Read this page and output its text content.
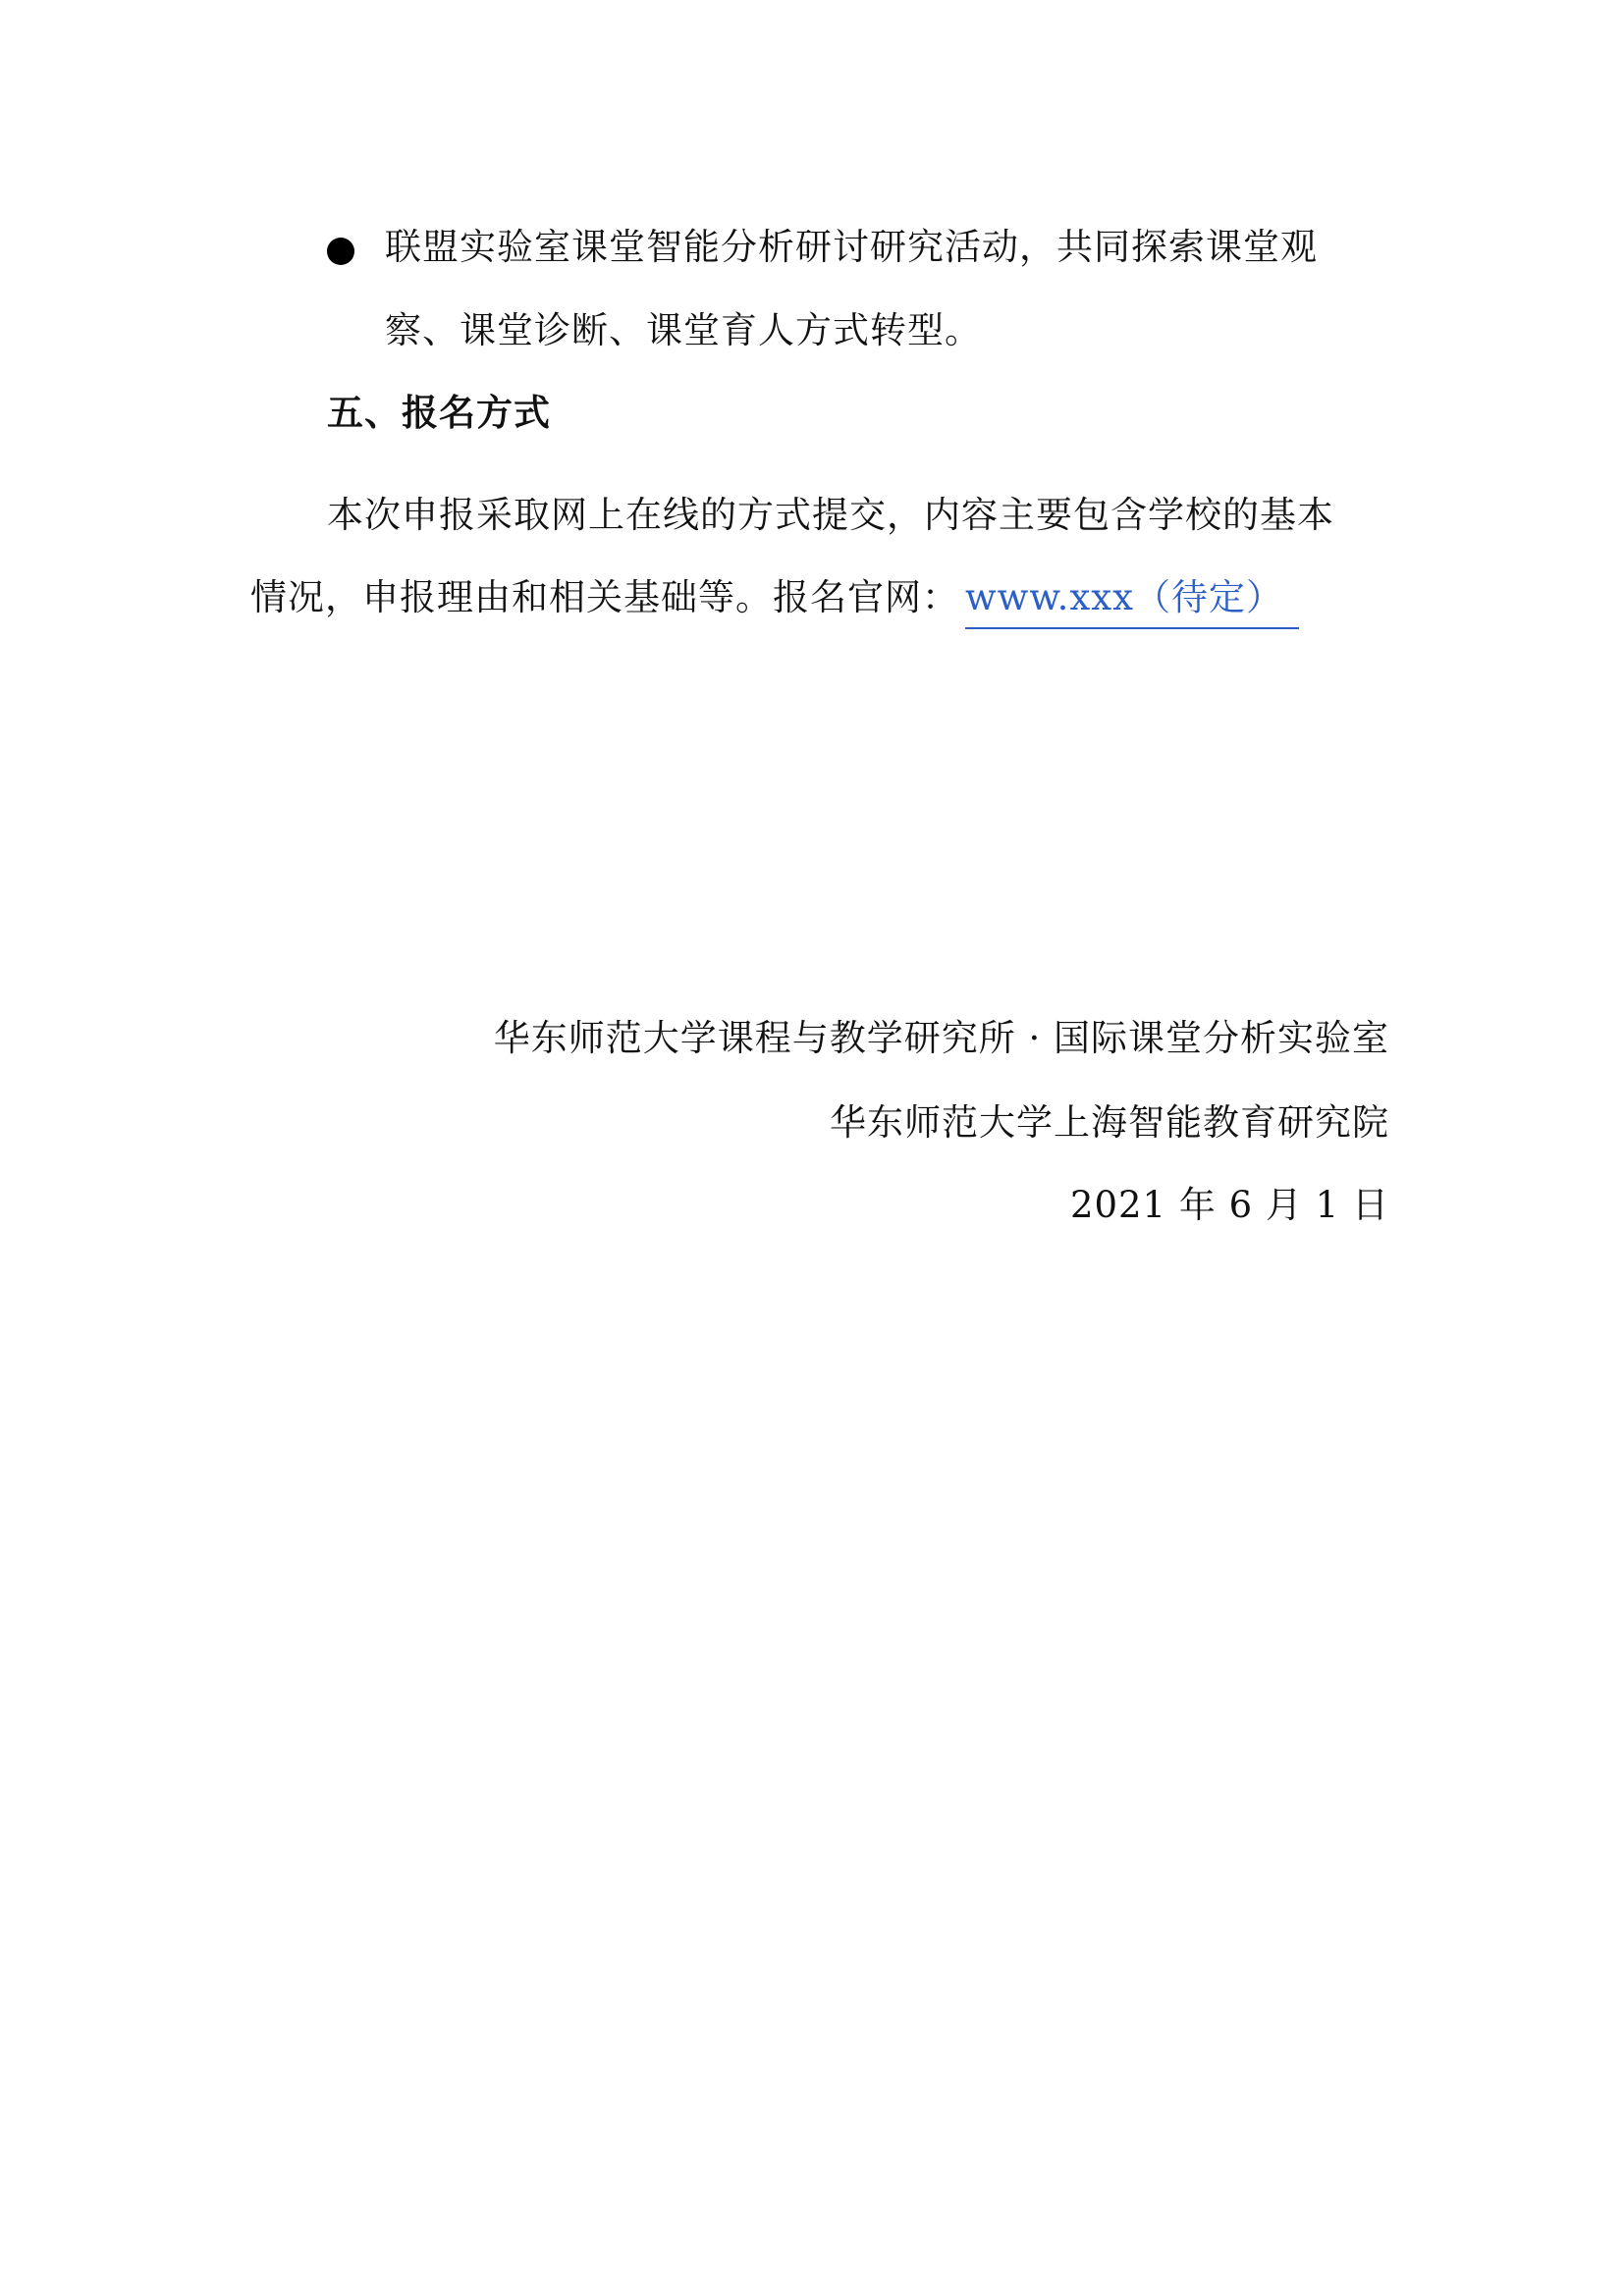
联盟实验室课堂智能分析研讨研究活动，共同探索课堂观
察、课堂诊断、课堂育人方式转型。
五、报名方式
本次申报采取网上在线的方式提交，内容主要包含学校的基本
情况，申报理由和相关基础等。报名官网： www.xxx（待定）
华东师范大学课程与教学研究所 · 国际课堂分析实验室
华东师范大学上海智能教育研究院
2021 年 6 月 1 日
